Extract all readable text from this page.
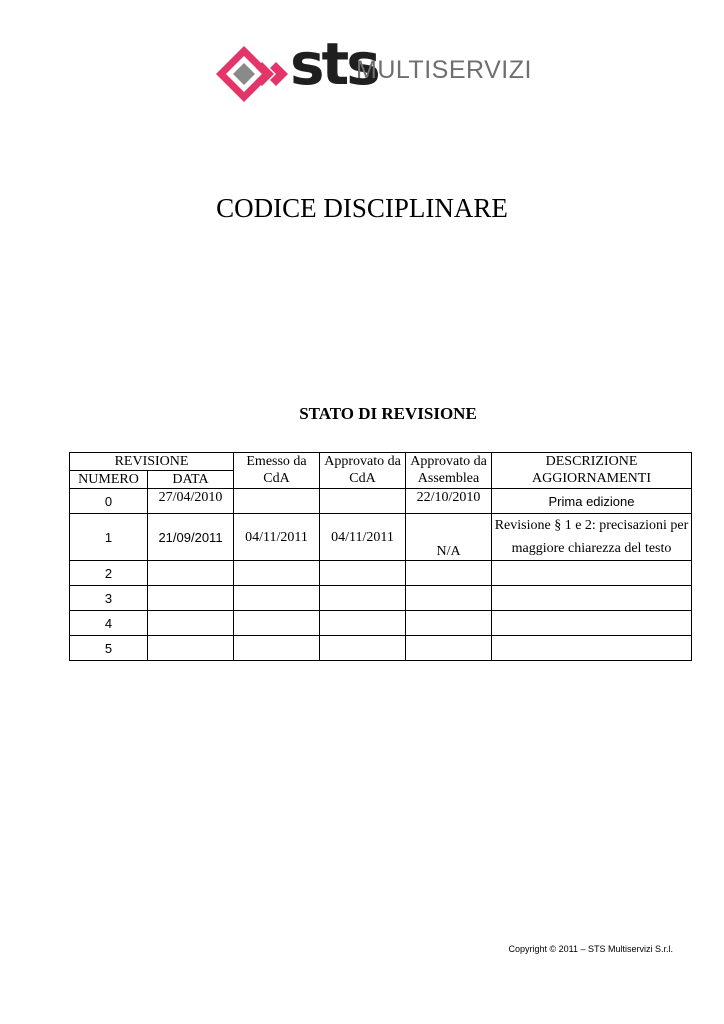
sts
MULTISERVIZI
CODICE DISCIPLINARE
STATO DI REVISIONE
REVISIONE		Emesso da CdA	Approvato da CdA	Approvato da Assemblea	DESCRIZIONE AGGIORNAMENTI
NUMERO	DATA				
0	27/04/2010			22/10/2010	Prima edizione
1	21/09/2011	04/11/2011	04/11/2011	N/A	Revisione § 1 e 2: precisazioni per maggiore chiarezza del testo
2					
3					
4					
5					
Copyright © 2011 – STS Multiservizi S.r.l.
